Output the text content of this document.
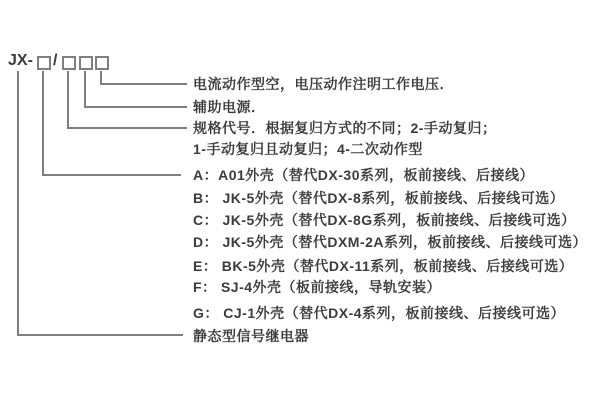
JX- /
电流动作型空，电压动作注明工作电压．
辅助电源．
规格代号．根据复归方式的不同；2-手动复归；
1-手动复归且动复归；4-二次动作型
A：A01外壳（替代DX-30系列，板前接线、后接线）
B： JK-5外壳（替代DX-8系列，板前接线、后接线可选）
C： JK-5外壳（替代DX-8G系列，板前接线、后接线可选）
D： JK-5外壳（替代DXM-2A系列，板前接线、后接线可选）
E： BK-5外壳（替代DX-11系列，板前接线、后接线可选）
F： SJ-4外壳（板前接线，导轨安装）
G： CJ-1外壳（替代DX-4系列，板前接线、后接线可选）
静态型信号继电器
